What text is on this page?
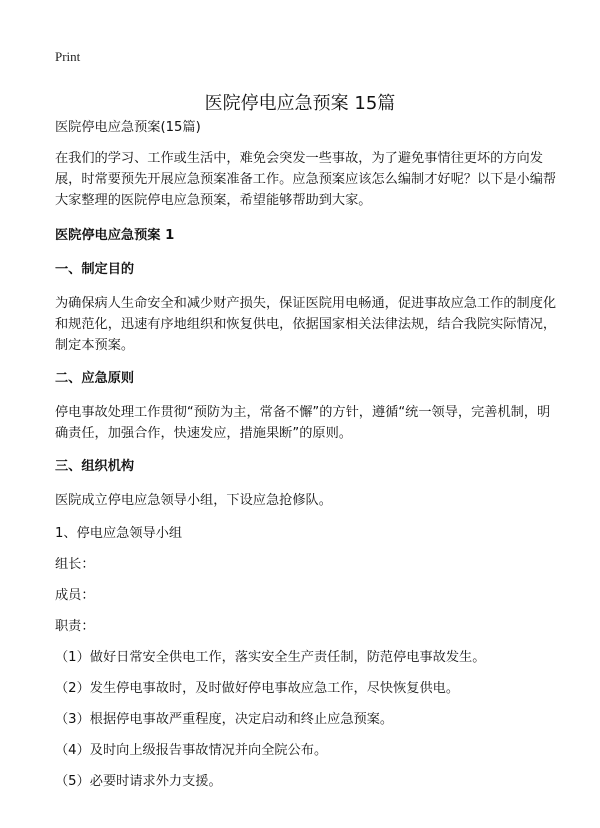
Print
医院停电应急预案 15篇

医院停电应急预案(15篇)

在我们的学习、工作或生活中，难免会突发一些事故，为了避免事情往更坏的方向发展，时常要预先开展应急预案准备工作。应急预案应该怎么编制才好呢？以下是小编帮大家整理的医院停电应急预案，希望能够帮助到大家。

医院停电应急预案 1

一、制定目的

为确保病人生命安全和减少财产损失，保证医院用电畅通，促进事故应急工作的制度化和规范化，迅速有序地组织和恢复供电，依据国家相关法律法规，结合我院实际情况，制定本预案。

二、应急原则

停电事故处理工作贯彻“预防为主，常备不懈”的方针，遵循“统一领导，完善机制，明确责任，加强合作，快速发应，措施果断”的原则。

三、组织机构

医院成立停电应急领导小组，下设应急抢修队。

1、停电应急领导小组

组长：

成员：

职责：

（1）做好日常安全供电工作，落实安全生产责任制，防范停电事故发生。

（2）发生停电事故时，及时做好停电事故应急工作，尽快恢复供电。

（3）根据停电事故严重程度，决定启动和终止应急预案。

（4）及时向上级报告事故情况并向全院公布。

（5）必要时请求外力支援。
